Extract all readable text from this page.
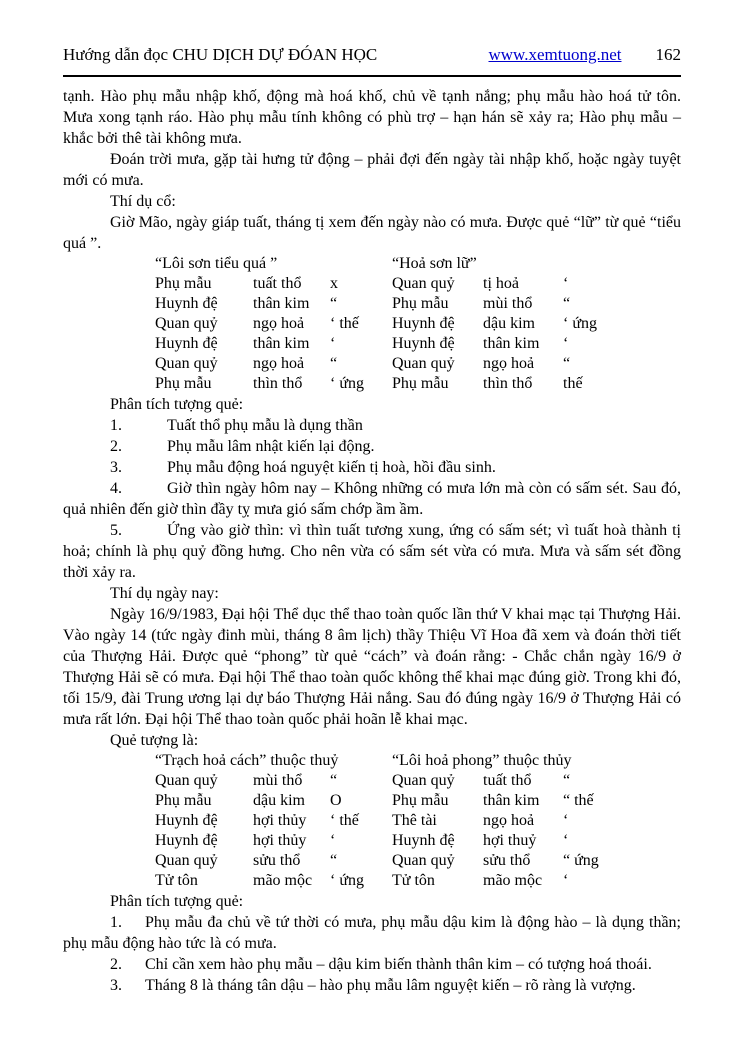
Hướng dẫn đọc CHU DỊCH DỰ ĐÓAN HỌC	www.xemtuong.net 162

tạnh. Hào phụ mẫu nhập khố, động mà hoá khố, chủ về tạnh nắng; phụ mẫu hào hoá tử tôn. Mưa xong tạnh ráo. Hào phụ mẫu tính không có phù trợ – hạn hán sẽ xảy ra; Hào phụ mẫu – khắc bởi thê tài không mưa.

Đoán trời mưa, gặp tài hưng tử động – phải đợi đến ngày tài nhập khố, hoặc ngày tuyệt mới có mưa.

Thí dụ cổ:

Giờ Mão, ngày giáp tuất, tháng tị xem đến ngày nào có mưa. Được quẻ “lữ” từ quẻ “tiểu quá ”.

“Lôi sơn tiểu quá ”	“Hoả sơn lữ”
Phụ mẫu	tuất thổ	x	Quan quỷ	tị hoả	‘
Huynh đệ	thân kim	“	Phụ mẫu	mùi thổ	“
Quan quỷ	ngọ hoả	‘ thế	Huynh đệ	dậu kim	‘ ứng
Huynh đệ	thân kim	‘	Huynh đệ	thân kim	‘
Quan quỷ	ngọ hoả	“	Quan quỷ	ngọ hoả	“
Phụ mẫu	thìn thổ	‘ ứng	Phụ mẫu	thìn thổ	thế

Phân tích tượng quẻ:

1.	Tuất thổ phụ mẫu là dụng thần

2.	Phụ mẫu lâm nhật kiến lại động.

3.	Phụ mẫu động hoá nguyệt kiến tị hoà, hồi đầu sinh.

4.	Giờ thìn ngày hôm nay – Không những có mưa lớn mà còn có sấm sét. Sau đó, quả nhiên đến giờ thìn đầy tỵ mưa gió sấm chớp ầm ầm.

5.	Ứng vào giờ thìn: vì thìn tuất tương xung, ứng có sấm sét; vì tuất hoà thành tị hoả; chính là phụ quỷ đồng hưng. Cho nên vừa có sấm sét vừa có mưa. Mưa và sấm sét đồng thời xảy ra.

Thí dụ ngày nay:

Ngày 16/9/1983, Đại hội Thể dục thể thao toàn quốc lần thứ V khai mạc tại Thượng Hải. Vào ngày 14 (tức ngày đinh mùi, tháng 8 âm lịch) thầy Thiệu Vĩ Hoa đã xem và đoán thời tiết của Thượng Hải. Được quẻ “phong” từ quẻ “cách” và đoán rằng: - Chắc chắn ngày 16/9 ở Thượng Hải sẽ có mưa. Đại hội Thể thao toàn quốc không thể khai mạc đúng giờ. Trong khi đó, tối 15/9, đài Trung ương lại dự báo Thượng Hải nắng. Sau đó đúng ngày 16/9 ở Thượng Hải có mưa rất lớn. Đại hội Thể thao toàn quốc phải hoãn lễ khai mạc.

Quẻ tượng là:

“Trạch hoả cách” thuộc thuỷ	“Lôi hoả phong” thuộc thủy
Quan quỷ	mùi thổ	“	Quan quỷ	tuất thổ	“
Phụ mẫu	dậu kim	O	Phụ mẫu	thân kim	“ thế
Huynh đệ	hợi thủy	‘ thế	Thê tài	ngọ hoả	‘
Huynh đệ	hợi thủy	‘	Huynh đệ	hợi thuỷ	‘
Quan quỷ	sửu thổ	“	Quan quỷ	sửu thổ	“ ứng
Tử tôn	mão mộc	‘ ứng	Tử tôn	mão mộc	‘

Phân tích tượng quẻ:

1. Phụ mẫu đa chủ về tứ thời có mưa, phụ mẫu dậu kim là động hào – là dụng thần; phụ mẫu động hào tức là có mưa.

2. Chỉ cần xem hào phụ mẫu – dậu kim biến thành thân kim – có tượng hoá thoái.

3. Tháng 8 là tháng tân dậu – hào phụ mẫu lâm nguyệt kiến – rõ ràng là vượng.
